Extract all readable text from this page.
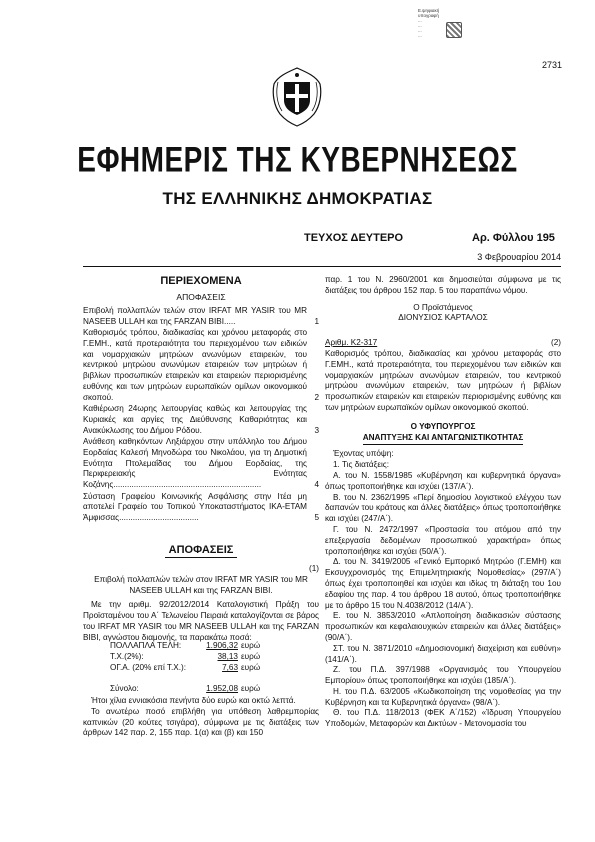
Ε.ψηφιακή
υπογραφή
...
...
...
...
2731
ΕΦΗΜΕΡΙΣ ΤΗΣ ΚΥΒΕΡΝΗΣΕΩΣ
ΤΗΣ ΕΛΛΗΝΙΚΗΣ ΔΗΜΟΚΡΑΤΙΑΣ
ΤΕΥΧΟΣ ΔΕΥΤΕΡΟ	Αρ. Φύλλου 195
3 Φεβρουαρίου 2014
ΠΕΡΙΕΧΟΜΕΝΑ
ΑΠΟΦΑΣΕΙΣ
Επιβολή πολλαπλών τελών στον IRFAT MR YASIR του MR NASEEB ULLAH και της FARZAN BIBI.....	1
Καθορισμός τρόπου, διαδικασίας και χρόνου μεταφοράς στο Γ.ΕΜΗ., κατά προτεραιότητα του περιεχομένου των ειδικών και νομαρχιακών μητρώων ανωνύμων εταιρειών, του κεντρικού μητρώου ανωνύμων εταιρειών των μητρώων ή βιβλίων προσωπικών εταιρειών και εταιρειών περιορισμένης ευθύνης και των μητρώων ευρωπαϊκών ομίλων οικονομικού σκοπού.	2
Καθιέρωση 24ωρης λειτουργίας καθώς και λειτουργίας της Κυριακές και αργίες της Διεύθυνσης Καθαριότητας και Ανακύκλωσης του Δήμου Ρόδου.	3
Ανάθεση καθηκόντων Ληξιάρχου στην υπάλληλο του Δήμου Εορδαίας Καλεσή Μηνοδώρα του Νικολάου, για τη Δημοτική Ενότητα Πτολεμαΐδας του Δήμου Εορδαίας, της Περιφερειακής Ενότητας Κοζάνης.................................................................	4
Σύσταση Γραφείου Κοινωνικής Ασφάλισης στην Ιτέα μη αποτελεί Γραφείο του Τοπικού Υποκαταστήματος ΙΚΑ-ΕΤΑΜ Άμφισσας...................................	5
ΑΠΟΦΑΣΕΙΣ
(1)
Επιβολή πολλαπλών τελών στον IRFAT MR YASIR του MR NASEEB ULLAH και της FARZAN BIBI.
Με την αριθμ. 92/2012/2014 Καταλογιστική Πράξη του Προϊσταμένου του Α΄ Τελωνείου Πειραιά καταλογίζονται σε βάρος του IRFAT MR YASIR του MR NASEEB ULLAH και της FARZAN BIBI, αγνώστου διαμονής, τα παρακάτω ποσά:
ΠΟΛΛΑΠΛΑ ΤΕΛΗ:	1.906,32 ευρώ
Τ.Χ.(2%):	38,13 ευρώ
ΟΓ.Α. (20% επί Τ.Χ.):	7,63 ευρώ
Σύνολο:	1.952,08 ευρώ
Ήτοι χίλια εννιακόσια πενήντα δύο ευρώ και οκτώ λεπτά.
Το ανωτέρω ποσό επιβλήθη για υπόθεση λαθρεμπορίας καπνικών (20 κούτες τσιγάρα), σύμφωνα με τις διατάξεις των άρθρων 142 παρ. 2, 155 παρ. 1(α) και (β) και 150
παρ. 1 του Ν. 2960/2001 και δημοσιεύται σύμφωνα με τις διατάξεις του άρθρου 152 παρ. 5 του παραπάνω νόμου.
Ο Προϊστάμενος
ΔΙΟΝΥΣΙΟΣ ΚΑΡΤΑΛΟΣ
Αριθμ. Κ2-317	(2)
Καθορισμός τρόπου, διαδικασίας και χρόνου μεταφοράς στο Γ.ΕΜΗ., κατά προτεραιότητα, του περιεχομένου των ειδικών και νομαρχιακών μητρώων ανωνύμων εταιρειών, του κεντρικού μητρώου ανωνύμων εταιρειών, των μητρώων ή βιβλίων προσωπικών εταιρειών και εταιρειών περιορισμένης ευθύνης και των μητρώων ευρωπαϊκών ομίλων οικονομικού σκοπού.
Ο ΥΦΥΠΟΥΡΓΟΣ
ΑΝΑΠΤΥΞΗΣ ΚΑΙ ΑΝΤΑΓΩΝΙΣΤΙΚΟΤΗΤΑΣ
Έχοντας υπόψη:
1. Τις διατάξεις:
Α. του Ν. 1558/1985 «Κυβέρνηση και κυβερνητικά όργανα» όπως τροποποιήθηκε και ισχύει (137/Α΄).
Β. του Ν. 2362/1995 «Περί δημοσίου λογιστικού ελέγχου των δαπανών του κράτους και άλλες διατάξεις» όπως τροποποιήθηκε και ισχύει (247/Α΄).
Γ. του Ν. 2472/1997 «Προστασία του ατόμου από την επεξεργασία δεδομένων προσωπικού χαρακτήρα» όπως τροποποιήθηκε και ισχύει (50/Α΄).
Δ. του Ν. 3419/2005 «Γενικό Εμπορικό Μητρώο (Γ.ΕΜΗ) και Εκσυγχρονισμός της Επιμελητηριακής Νομοθεσίας» (297/Α΄) όπως έχει τροποποιηθεί και ισχύει και ιδίως τη διάταξη του 1ου εδαφίου της παρ. 4 του άρθρου 18 αυτού, όπως τροποποιήθηκε με το άρθρο 15 του Ν.4038/2012 (14/Α΄).
Ε. του Ν. 3853/2010 «Απλοποίηση διαδικασιών σύστασης προσωπικών και κεφαλαιουχικών εταιρειών και άλλες διατάξεις» (90/Α΄).
ΣΤ. του Ν. 3871/2010 «Δημοσιονομική διαχείριση και ευθύνη» (141/Α΄).
Ζ. του Π.Δ. 397/1988 «Οργανισμός του Υπουργείου Εμπορίου» όπως τροποποιήθηκε και ισχύει (185/Α΄).
Η. του Π.Δ. 63/2005 «Κωδικοποίηση της νομοθεσίας για την Κυβέρνηση και τα Κυβερνητικά όργανα» (98/Α΄).
Θ. του Π.Δ. 118/2013 (ΦΕΚ Α΄/152) «Ίδρυση Υπουργείου Υποδομών, Μεταφορών και Δικτύων - Μετονομασία του
